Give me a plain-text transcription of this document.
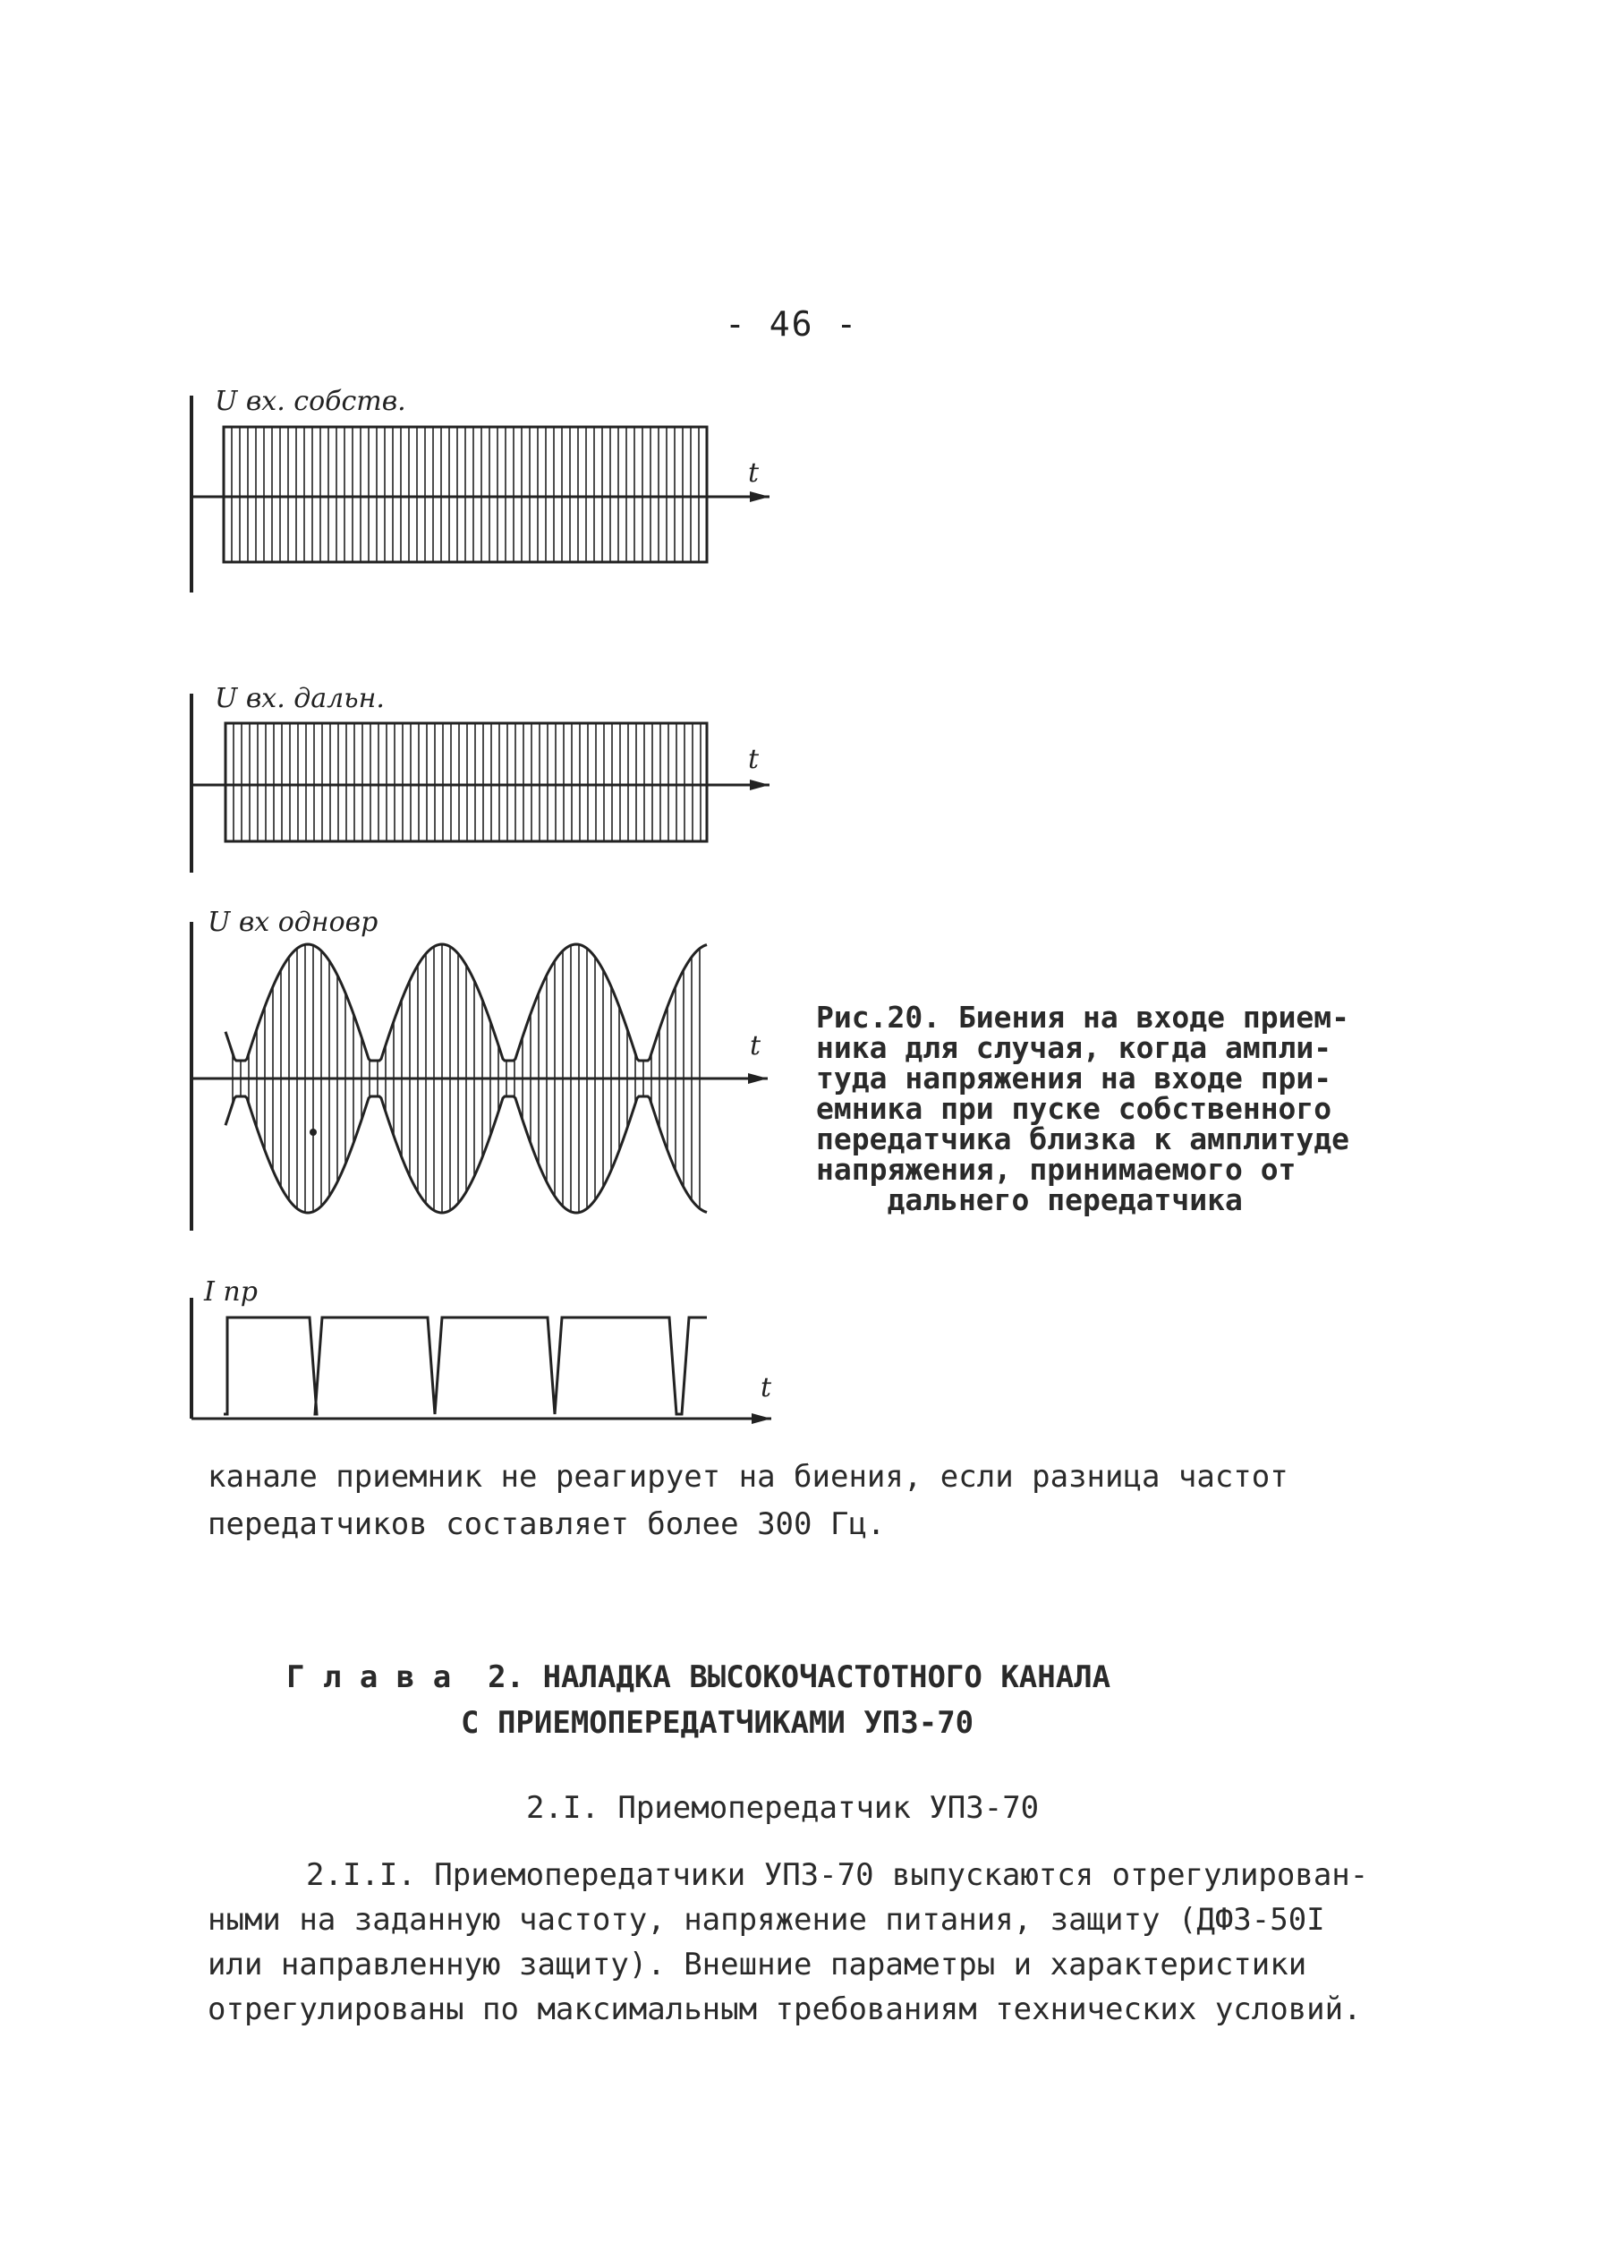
- 46 -
U вх. собств.
t
U вх. дальн.
t
U вх одновр
t
I пр
t
Рис.20. Биения на входе прием-
ника для случая, когда ампли-
туда напряжения на входе при-
емника при пуске собственного
передатчика близка к амплитуде
напряжения, принимаемого от
дальнего передатчика
канале приемник не реагирует на биения, если разница частот
передатчиков составляет более 300 Гц.
Г л а в а  2. НАЛАДКА ВЫСОКОЧАСТОТНОГО КАНАЛА
С ПРИЕМОПЕРЕДАТЧИКАМИ УПЗ-70
2.I. Приемопередатчик УПЗ-70
2.I.I. Приемопередатчики УПЗ-70 выпускаются отрегулирован-
ными на заданную частоту, напряжение питания, защиту (ДФЗ-50I
или направленную защиту). Внешние параметры и характеристики
отрегулированы по максимальным требованиям технических условий.
